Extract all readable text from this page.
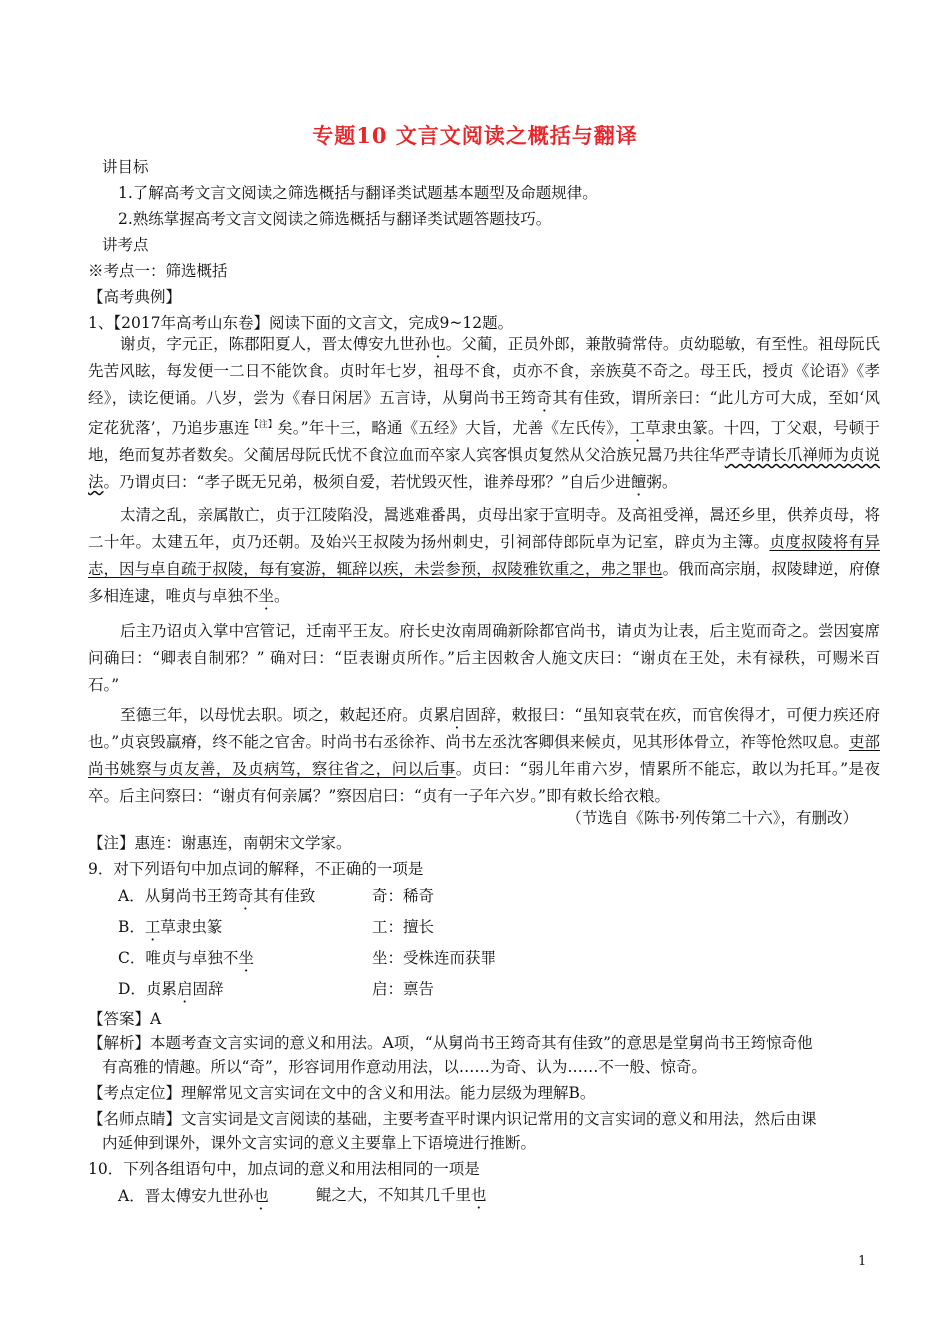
专题10 文言文阅读之概括与翻译
讲目标
1.了解高考文言文阅读之筛选概括与翻译类试题基本题型及命题规律。
2.熟练掌握高考文言文阅读之筛选概括与翻译类试题答题技巧。
讲考点
※考点一：筛选概括
【高考典例】
1、【2017年高考山东卷】阅读下面的文言文，完成9~12题。
谢贞，字元正，陈郡阳夏人，晋太傅安九世孙也。父蔺，正员外郎，兼散骑常侍。贞幼聪敏，有至性。祖母阮氏先苦风眩，每发便一二日不能饮食。贞时年七岁，祖母不食，贞亦不食，亲族莫不奇之。母王氏，授贞《论语》《孝经》，读讫便诵。八岁，尝为《春日闲居》五言诗，从舅尚书王筠奇其有佳致，谓所亲曰：“此儿方可大成，至如‘风定花犹落’，乃追步惠连$^{【注】}$矣。”年十三，略通《五经》大旨，尤善《左氏传》，工草隶虫篆。十四，丁父艰，号顿于地，绝而复苏者数矣。父蔺居母阮氏忧不食泣血而卒家人宾客惧贞复然从父洽族兄暠乃共往华严寺请长爪禅师为贞说法。乃谓贞曰：“孝子既无兄弟，极须自爱，若忧毁灭性，谁养母邪？”自后少进饘粥。
太清之乱，亲属散亡，贞于江陵陷没，暠逃难番禺，贞母出家于宣明寺。及高祖受禅，暠还乡里，供养贞母，将二十年。太建五年，贞乃还朝。及始兴王叔陵为扬州刺史，引祠部侍郎阮卓为记室，辟贞为主簿。贞度叔陵将有异志，因与卓自疏于叔陵，每有宴游，辄辞以疾，未尝参预，叔陵雅钦重之，弗之罪也。俄而高宗崩，叔陵肆逆，府僚多相连逮，唯贞与卓独不坐。
后主乃诏贞入掌中宫管记，迁南平王友。府长史汝南周确新除都官尚书，请贞为让表，后主览而奇之。尝因宴席问确曰：“卿表自制邪？” 确对曰：“臣表谢贞所作。”后主因敕舍人施文庆曰：“谢贞在王处，未有禄秩，可赐米百石。”
至德三年，以母忧去职。顷之，敕起还府。贞累启固辞，敕报曰：“虽知哀茕在疚，而官俟得才，可便力疾还府也。”贞哀毁羸瘠，终不能之官舍。时尚书右丞徐祚、尚书左丞沈客卿俱来候贞，见其形体骨立，祚等怆然叹息。吏部尚书姚察与贞友善，及贞病笃，察往省之，问以后事。贞曰：“弱儿年甫六岁，情累所不能忘，敢以为托耳。”是夜卒。后主问察曰：“谢贞有何亲属？”察因启曰：“贞有一子年六岁。”即有敕长给衣粮。
（节选自《陈书·列传第二十六》，有删改）
【注】惠连：谢惠连，南朝宋文学家。
9．对下列语句中加点词的解释，不正确的一项是
A．从舅尚书王筠奇其有佳致	奇：稀奇
B．工草隶虫篆	工：擅长
C．唯贞与卓独不坐	坐：受株连而获罪
D．贞累启固辞	启：禀告
【答案】A
【解析】本题考查文言实词的意义和用法。A项，“从舅尚书王筠奇其有佳致”的意思是堂舅尚书王筠惊奇他
有高雅的情趣。所以“奇”，形容词用作意动用法，以……为奇、认为……不一般、惊奇。
【考点定位】理解常见文言实词在文中的含义和用法。能力层级为理解B。
【名师点睛】文言实词是文言阅读的基础，主要考查平时课内识记常用的文言实词的意义和用法，然后由课
内延伸到课外，课外文言实词的意义主要靠上下语境进行推断。
10．下列各组语句中，加点词的意义和用法相同的一项是
A．晋太傅安九世孙也	鲲之大，不知其几千里也
1
